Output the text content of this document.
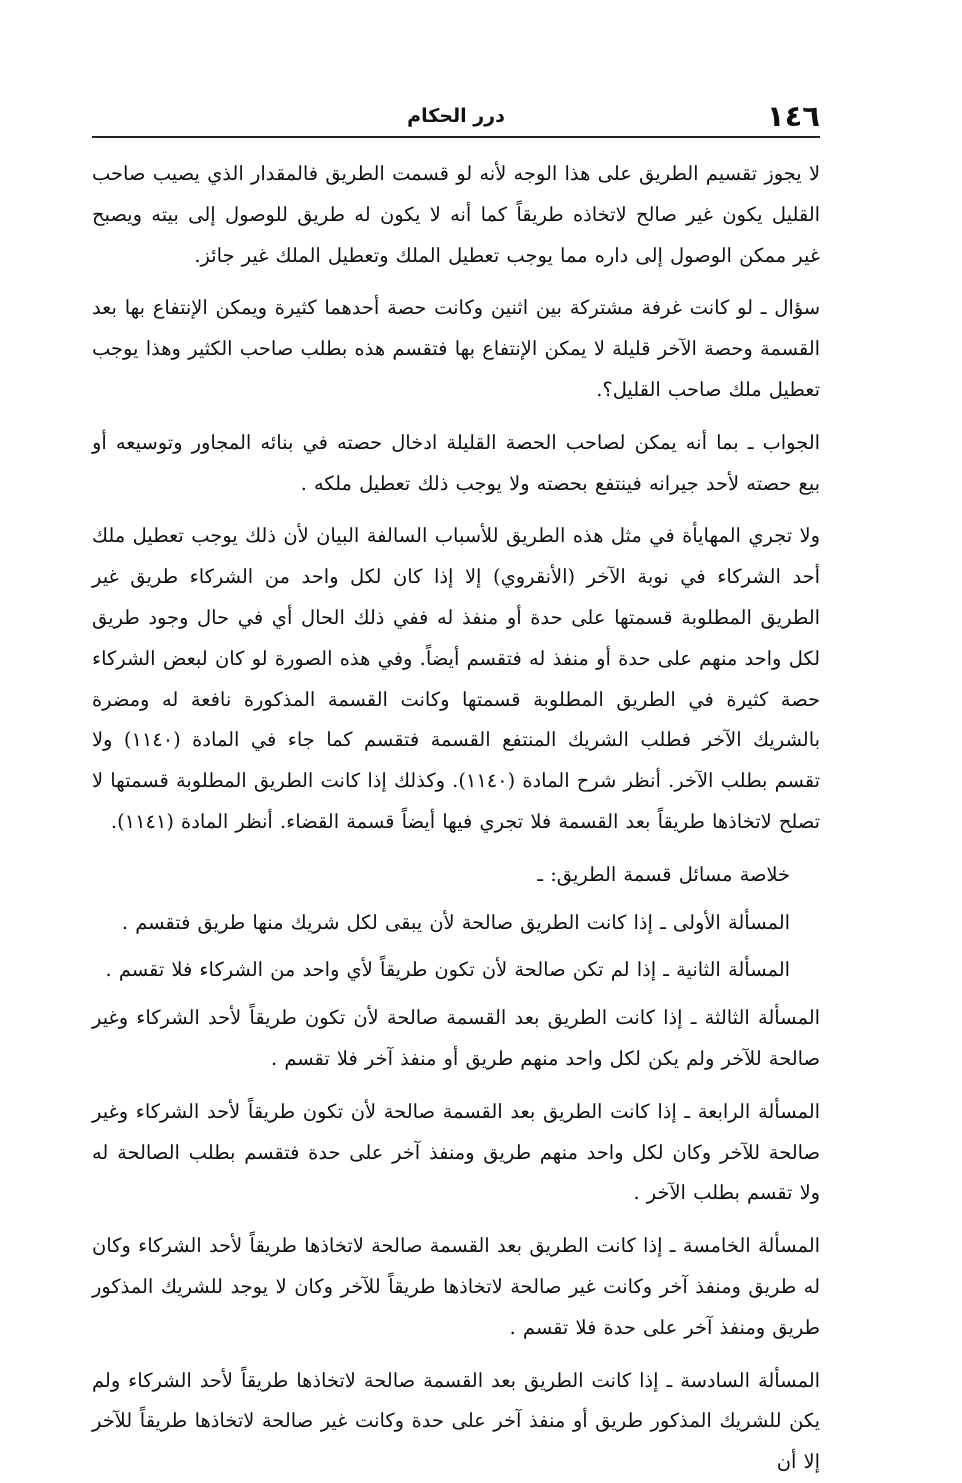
١٤٦
درر الحكام

لا يجوز تقسيم الطريق على هذا الوجه لأنه لو قسمت الطريق فالمقدار الذي يصيب صاحب القليل يكون غير صالح لاتخاذه طريقاً كما أنه لا يكون له طريق للوصول إلى بيته ويصبح غير ممكن الوصول إلى داره مما يوجب تعطيل الملك وتعطيل الملك غير جائز.

سؤال ـ لو كانت غرفة مشتركة بين اثنين وكانت حصة أحدهما كثيرة ويمكن الإنتفاع بها بعد القسمة وحصة الآخر قليلة لا يمكن الإنتفاع بها فتقسم هذه بطلب صاحب الكثير وهذا يوجب تعطيل ملك صاحب القليل؟.

الجواب ـ بما أنه يمكن لصاحب الحصة القليلة ادخال حصته في بنائه المجاور وتوسيعه أو بيع حصته لأحد جيرانه فينتفع بحصته ولا يوجب ذلك تعطيل ملكه .

ولا تجري المهايأة في مثل هذه الطريق للأسباب السالفة البيان لأن ذلك يوجب تعطيل ملك أحد الشركاء في نوبة الآخر (الأنقروي) إلا إذا كان لكل واحد من الشركاء طريق غير الطريق المطلوبة قسمتها على حدة أو منفذ له ففي ذلك الحال أي في حال وجود طريق لكل واحد منهم على حدة أو منفذ له فتقسم أيضاً. وفي هذه الصورة لو كان لبعض الشركاء حصة كثيرة في الطريق المطلوبة قسمتها وكانت القسمة المذكورة نافعة له ومضرة بالشريك الآخر فطلب الشريك المنتفع القسمة فتقسم كما جاء في المادة (١١٤٠) ولا تقسم بطلب الآخر. أنظر شرح المادة (١١٤٠). وكذلك إذا كانت الطريق المطلوبة قسمتها لا تصلح لاتخاذها طريقاً بعد القسمة فلا تجري فيها أيضاً قسمة القضاء. أنظر المادة (١١٤١).

خلاصة مسائل قسمة الطريق: ـ

المسألة الأولى ـ إذا كانت الطريق صالحة لأن يبقى لكل شريك منها طريق فتقسم .

المسألة الثانية ـ إذا لم تكن صالحة لأن تكون طريقاً لأي واحد من الشركاء فلا تقسم .

المسألة الثالثة ـ إذا كانت الطريق بعد القسمة صالحة لأن تكون طريقاً لأحد الشركاء وغير صالحة للآخر ولم يكن لكل واحد منهم طريق أو منفذ آخر فلا تقسم .

المسألة الرابعة ـ إذا كانت الطريق بعد القسمة صالحة لأن تكون طريقاً لأحد الشركاء وغير صالحة للآخر وكان لكل واحد منهم طريق ومنفذ آخر على حدة فتقسم بطلب الصالحة له ولا تقسم بطلب الآخر .

المسألة الخامسة ـ إذا كانت الطريق بعد القسمة صالحة لاتخاذها طريقاً لأحد الشركاء وكان له طريق ومنفذ آخر وكانت غير صالحة لاتخاذها طريقاً للآخر وكان لا يوجد للشريك المذكور طريق ومنفذ آخر على حدة فلا تقسم .

المسألة السادسة ـ إذا كانت الطريق بعد القسمة صالحة لاتخاذها طريقاً لأحد الشركاء ولم يكن للشريك المذكور طريق أو منفذ آخر على حدة وكانت غير صالحة لاتخاذها طريقاً للآخر إلا أن
